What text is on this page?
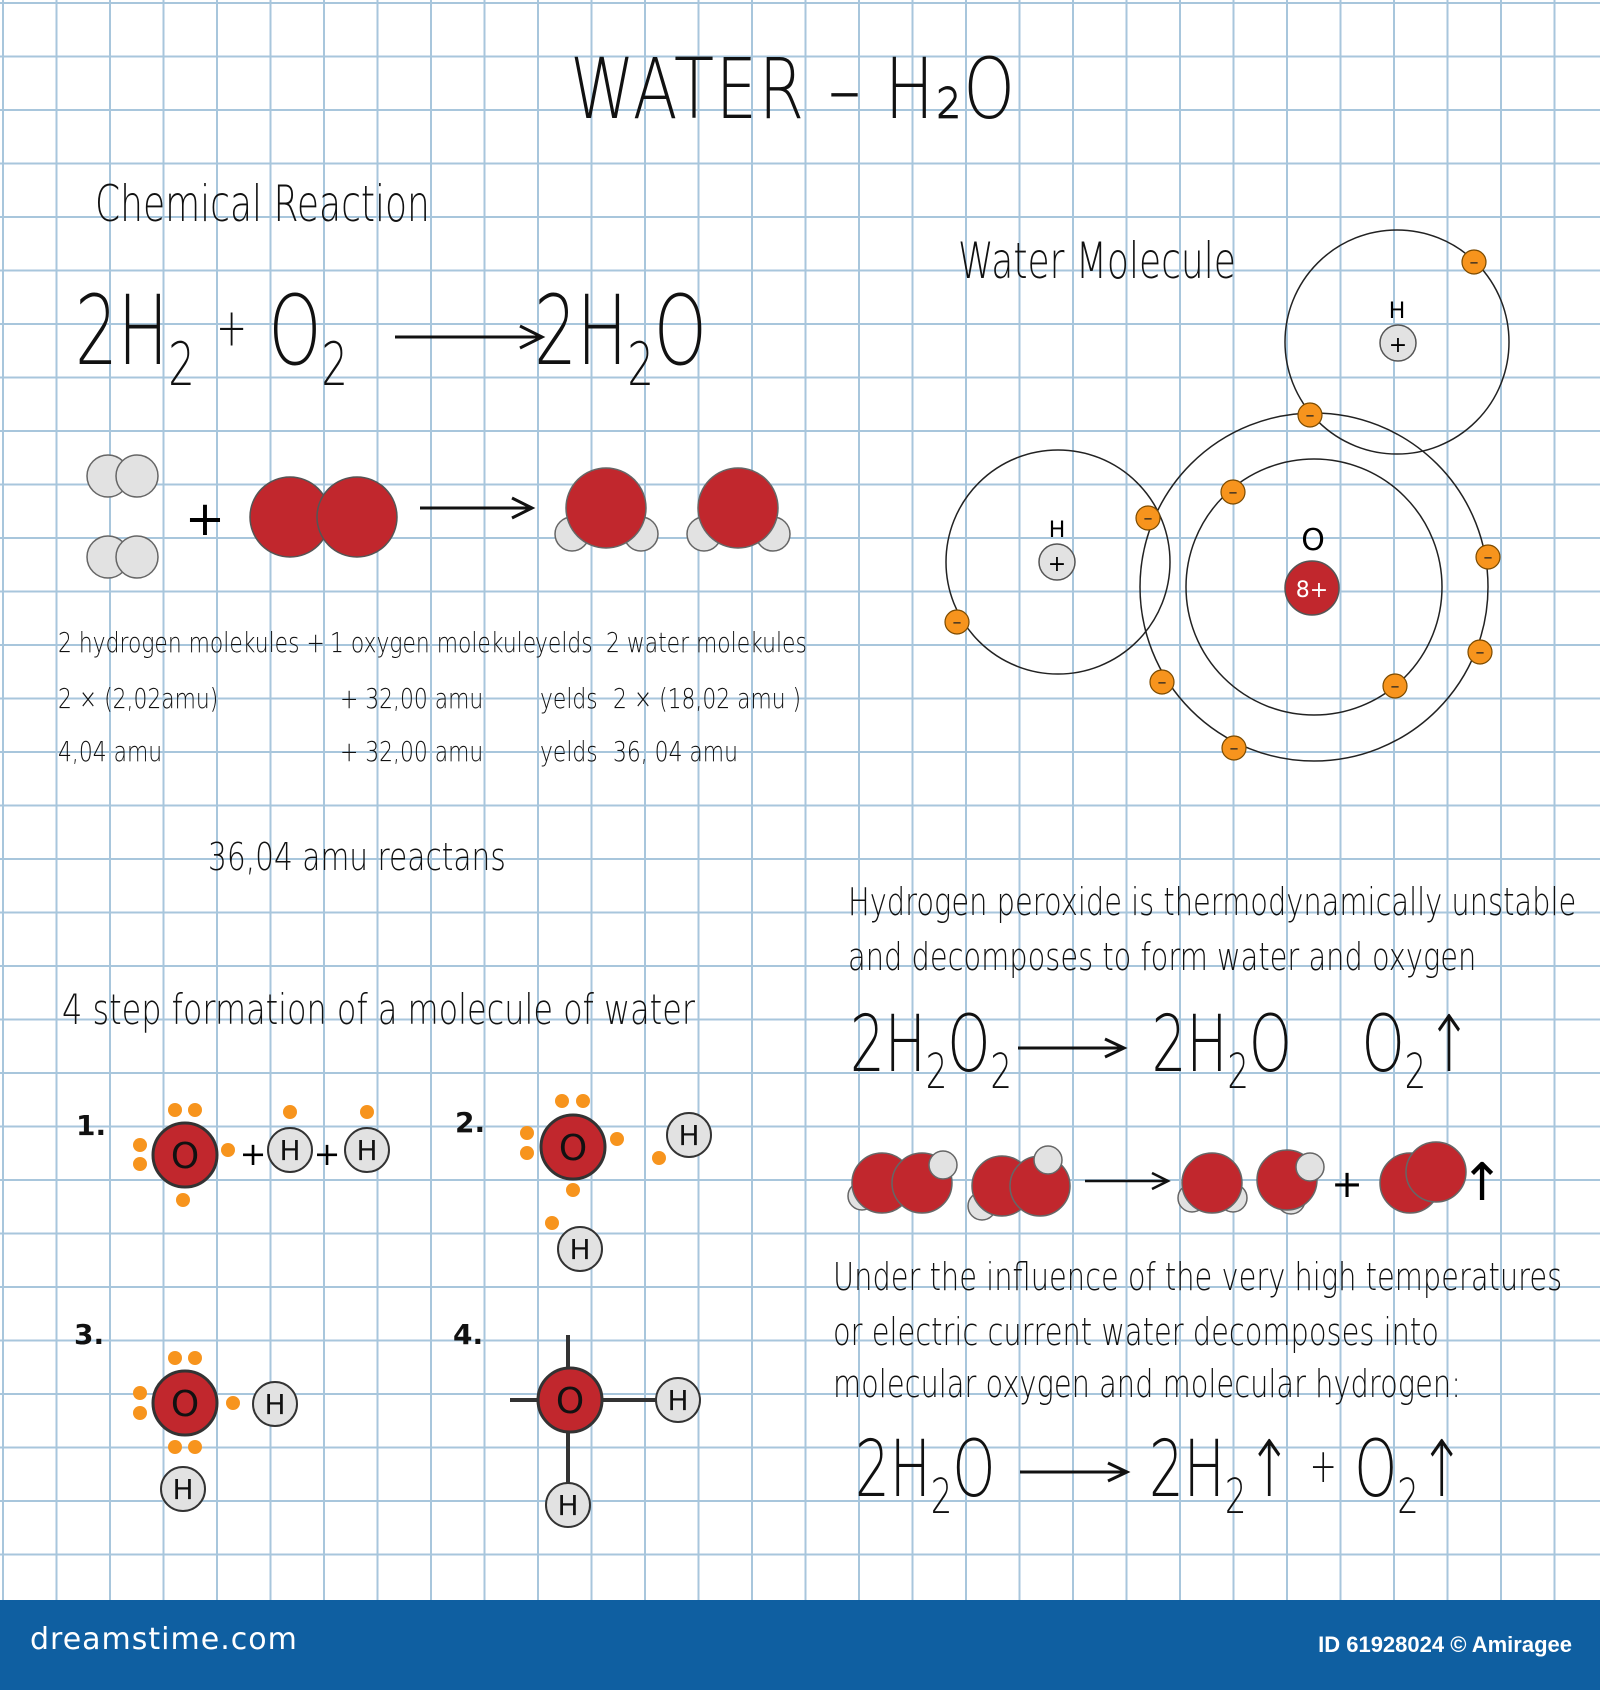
WATER – H₂O
Chemical Reaction
$2H_2 + O_2$ $2H_2O$
8+
O
+
H
+
H
–
–
–
–
–
–
–
–
–
–
1.
O + H + H
2.
O	H
H
3.
O H
H
4.
O	H
H
+ ↑
+
2 hydrogen molekules + 1 oxygen molekule
yelds 2 water molekules
2 × (2,02amu)	+ 32,00 amu yelds 2 × (18,02 amu )
4,04 amu	+ 32,00 amu yelds 36, 04 amu
36,04 amu reactans
Water Molecule
4 step formation of a molecule of water
Hydrogen peroxide is thermodynamically unstable
and decomposes to form water and oxygen
$2H_2O_2$ $2H_2O$ $O_2↑$
Under the influence of the very high temperatures
or electric current water decomposes into
molecular oxygen and molecular hydrogen:
$2H_2O$ $2H_2↑$ + $O_2↑$
dreamstime.com	ID 61928024 © Amiragee
